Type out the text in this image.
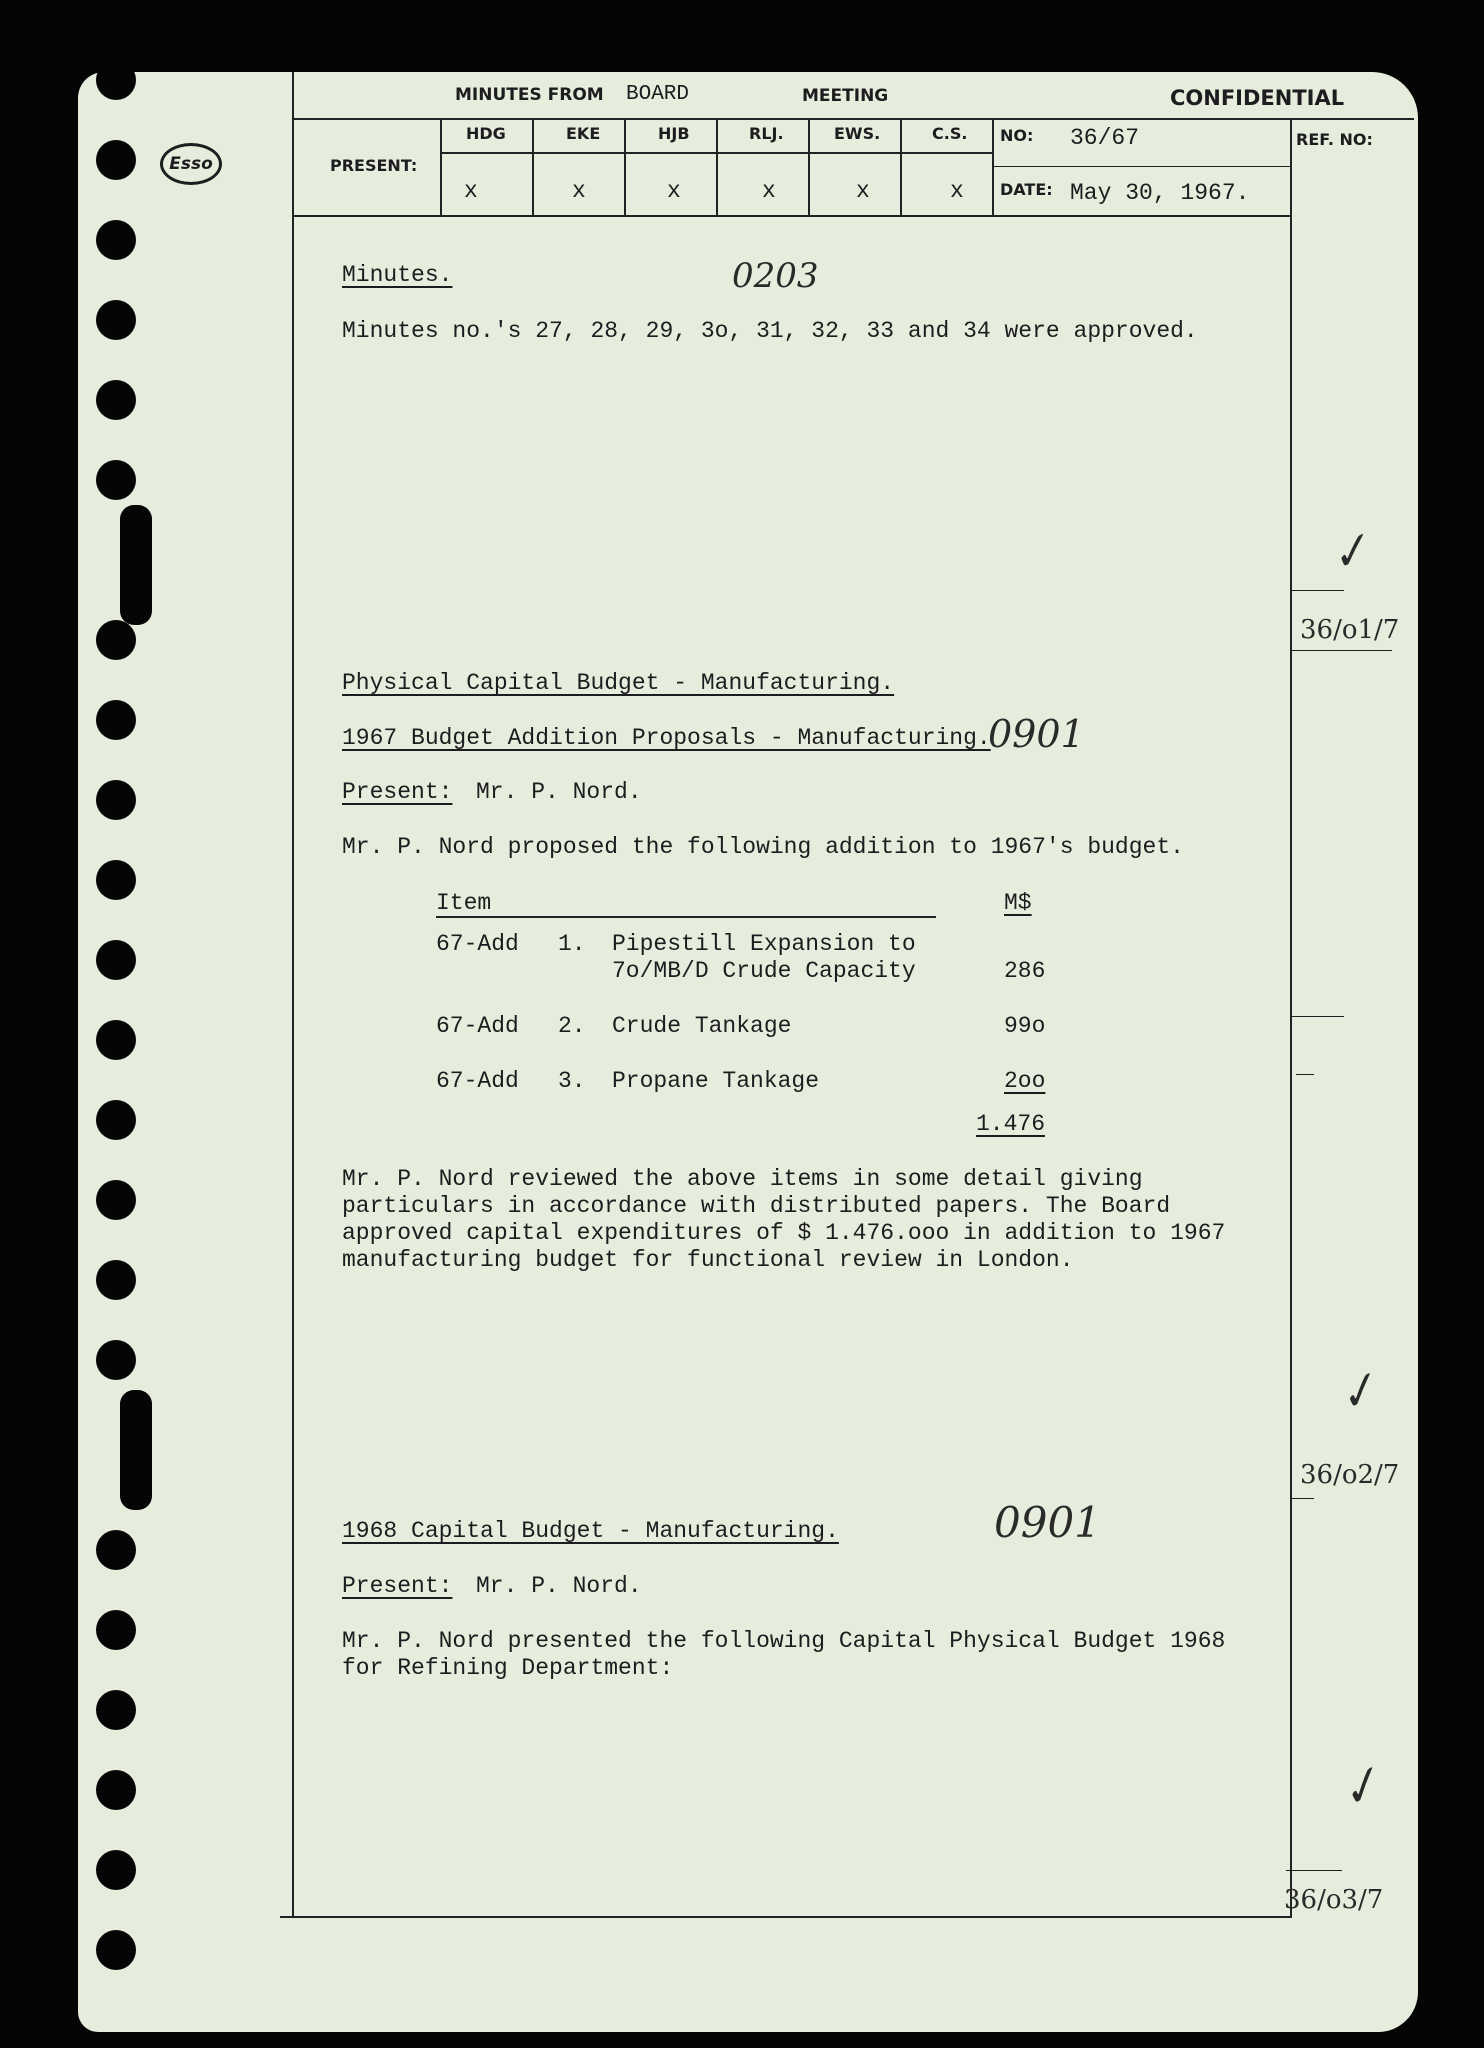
Esso
MINUTES FROM BOARD	MEETING	CONFIDENTIAL
PRESENT:
HDG	EKE	HJB	RLJ.	EWS.	C.S.
x	x	x	x	x	x
NO: 36/67
DATE: May 30, 1967.
REF. NO:
Minutes.	0203
Minutes no.'s 27, 28, 29, 3o, 31, 32, 33 and 34 were approved.
Physical Capital Budget - Manufacturing.
1967 Budget Addition Proposals - Manufacturing.
0901
Present: Mr. P. Nord.
Mr. P. Nord proposed the following addition to 1967's budget.
Item	M$
67-Add 1. Pipestill Expansion to
7o/MB/D Crude Capacity	286
67-Add 2. Crude Tankage	99o
67-Add 3. Propane Tankage	2oo
1.476
Mr. P. Nord reviewed the above items in some detail giving
particulars in accordance with distributed papers. The Board
approved capital expenditures of $ 1.476.ooo in addition to 1967
manufacturing budget for functional review in London.
1968 Capital Budget - Manufacturing.	0901
Present: Mr. P. Nord.
Mr. P. Nord presented the following Capital Physical Budget 1968
for Refining Department:
✓
36/o1/7
✓
36/o2/7
✓
36/o3/7
